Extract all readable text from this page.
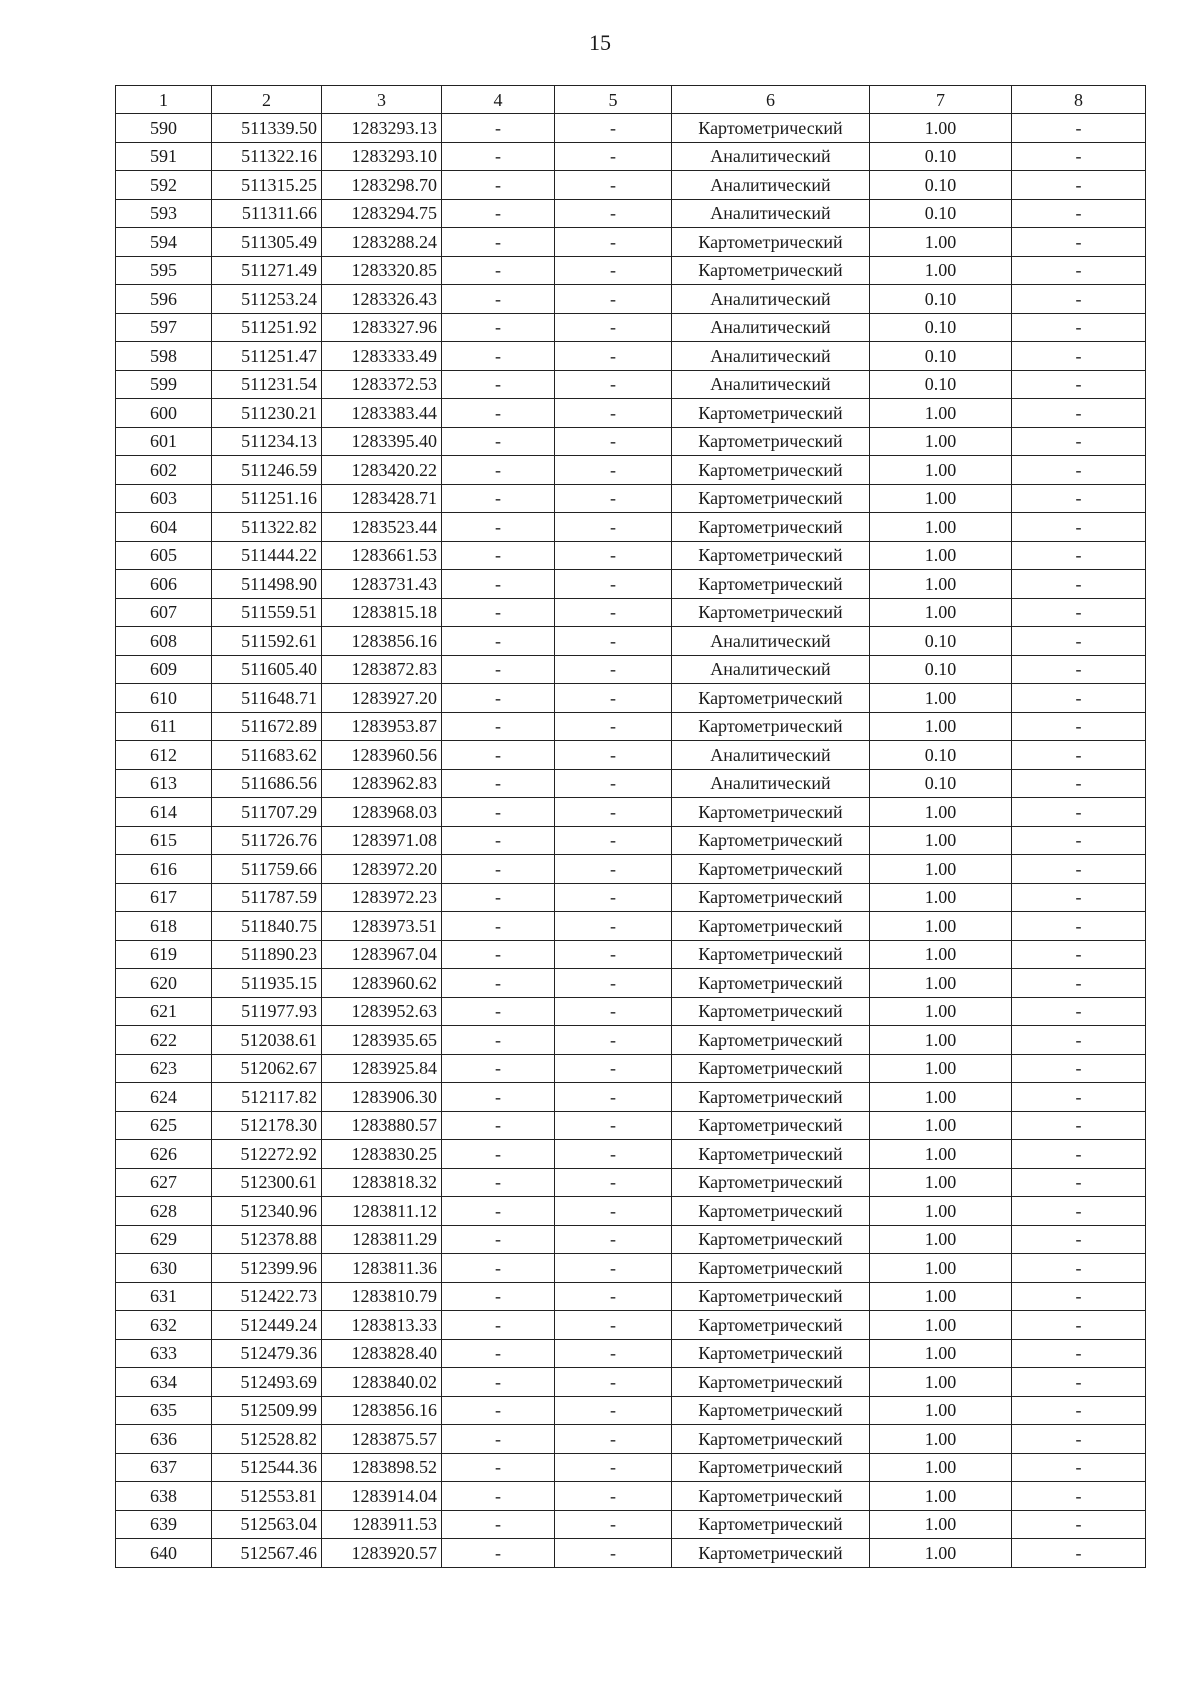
15
1	2	3	4	5	6	7	8
590	511339.50	1283293.13	-	-	Картометрический	1.00	-
591	511322.16	1283293.10	-	-	Аналитический	0.10	-
592	511315.25	1283298.70	-	-	Аналитический	0.10	-
593	511311.66	1283294.75	-	-	Аналитический	0.10	-
594	511305.49	1283288.24	-	-	Картометрический	1.00	-
595	511271.49	1283320.85	-	-	Картометрический	1.00	-
596	511253.24	1283326.43	-	-	Аналитический	0.10	-
597	511251.92	1283327.96	-	-	Аналитический	0.10	-
598	511251.47	1283333.49	-	-	Аналитический	0.10	-
599	511231.54	1283372.53	-	-	Аналитический	0.10	-
600	511230.21	1283383.44	-	-	Картометрический	1.00	-
601	511234.13	1283395.40	-	-	Картометрический	1.00	-
602	511246.59	1283420.22	-	-	Картометрический	1.00	-
603	511251.16	1283428.71	-	-	Картометрический	1.00	-
604	511322.82	1283523.44	-	-	Картометрический	1.00	-
605	511444.22	1283661.53	-	-	Картометрический	1.00	-
606	511498.90	1283731.43	-	-	Картометрический	1.00	-
607	511559.51	1283815.18	-	-	Картометрический	1.00	-
608	511592.61	1283856.16	-	-	Аналитический	0.10	-
609	511605.40	1283872.83	-	-	Аналитический	0.10	-
610	511648.71	1283927.20	-	-	Картометрический	1.00	-
611	511672.89	1283953.87	-	-	Картометрический	1.00	-
612	511683.62	1283960.56	-	-	Аналитический	0.10	-
613	511686.56	1283962.83	-	-	Аналитический	0.10	-
614	511707.29	1283968.03	-	-	Картометрический	1.00	-
615	511726.76	1283971.08	-	-	Картометрический	1.00	-
616	511759.66	1283972.20	-	-	Картометрический	1.00	-
617	511787.59	1283972.23	-	-	Картометрический	1.00	-
618	511840.75	1283973.51	-	-	Картометрический	1.00	-
619	511890.23	1283967.04	-	-	Картометрический	1.00	-
620	511935.15	1283960.62	-	-	Картометрический	1.00	-
621	511977.93	1283952.63	-	-	Картометрический	1.00	-
622	512038.61	1283935.65	-	-	Картометрический	1.00	-
623	512062.67	1283925.84	-	-	Картометрический	1.00	-
624	512117.82	1283906.30	-	-	Картометрический	1.00	-
625	512178.30	1283880.57	-	-	Картометрический	1.00	-
626	512272.92	1283830.25	-	-	Картометрический	1.00	-
627	512300.61	1283818.32	-	-	Картометрический	1.00	-
628	512340.96	1283811.12	-	-	Картометрический	1.00	-
629	512378.88	1283811.29	-	-	Картометрический	1.00	-
630	512399.96	1283811.36	-	-	Картометрический	1.00	-
631	512422.73	1283810.79	-	-	Картометрический	1.00	-
632	512449.24	1283813.33	-	-	Картометрический	1.00	-
633	512479.36	1283828.40	-	-	Картометрический	1.00	-
634	512493.69	1283840.02	-	-	Картометрический	1.00	-
635	512509.99	1283856.16	-	-	Картометрический	1.00	-
636	512528.82	1283875.57	-	-	Картометрический	1.00	-
637	512544.36	1283898.52	-	-	Картометрический	1.00	-
638	512553.81	1283914.04	-	-	Картометрический	1.00	-
639	512563.04	1283911.53	-	-	Картометрический	1.00	-
640	512567.46	1283920.57	-	-	Картометрический	1.00	-
